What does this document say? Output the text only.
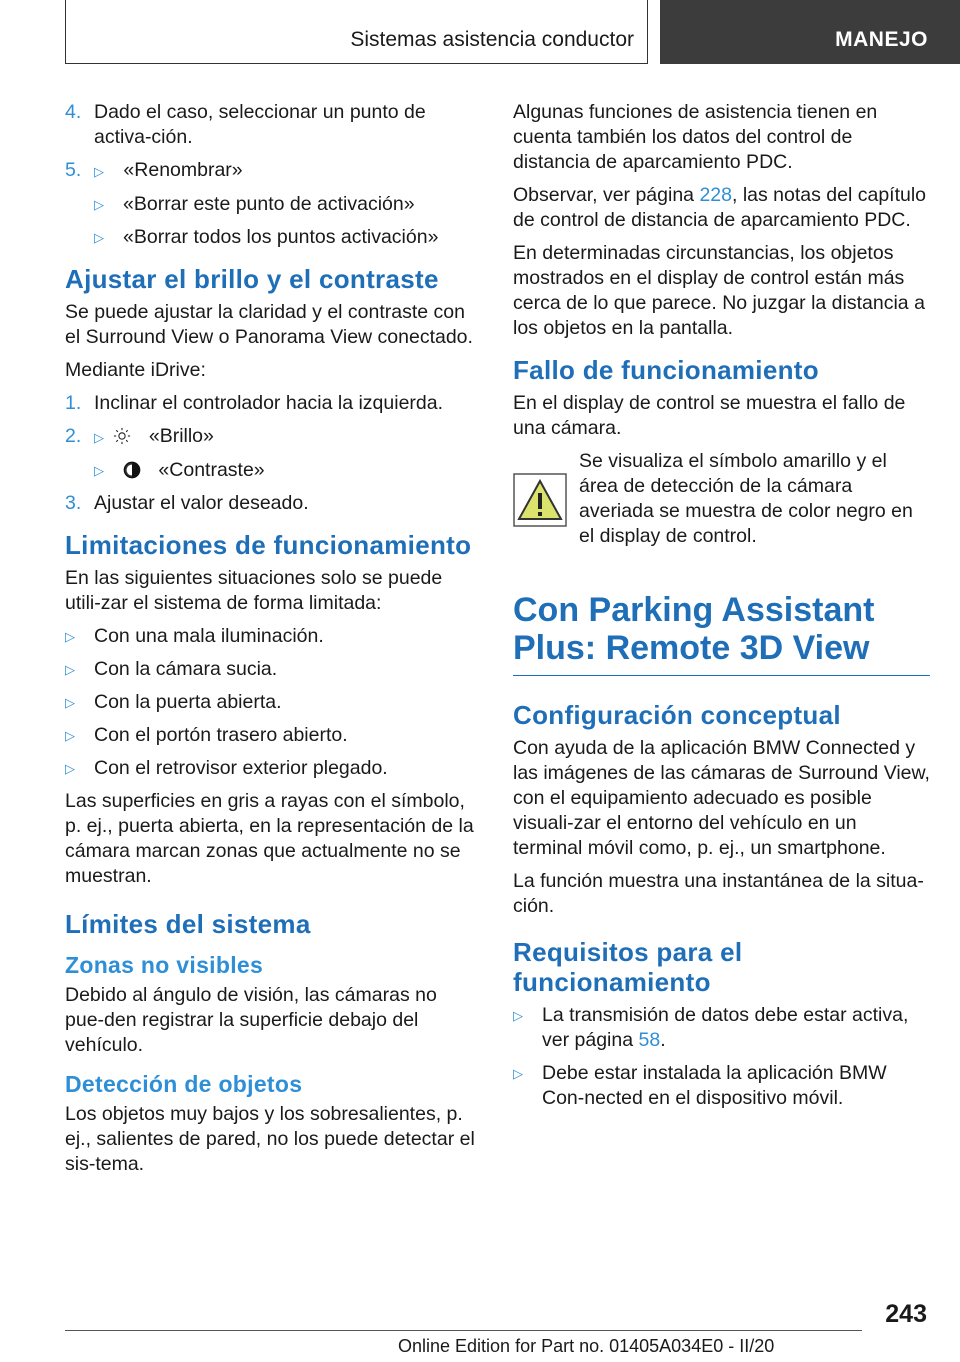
Sistemas asistencia conductor	MANEJO
4. Dado el caso, seleccionar un punto de activa‐ción.
5. ▷ «Renombrar»
▷ «Borrar este punto de activación»
▷ «Borrar todos los puntos activación»
Ajustar el brillo y el contraste

Se puede ajustar la claridad y el contraste con el Surround View o Panorama View conectado.

Mediante iDrive:

1. Inclinar el controlador hacia la izquierda.
2. ▷ «Brillo»
▷	«Contraste»
3. Ajustar el valor deseado.
Limitaciones de funcionamiento

En las siguientes situaciones solo se puede utili‐zar el sistema de forma limitada:

▷ Con una mala iluminación.
▷ Con la cámara sucia.
▷ Con la puerta abierta.
▷ Con el portón trasero abierto.
▷ Con el retrovisor exterior plegado.

Las superficies en gris a rayas con el símbolo, p. ej., puerta abierta, en la representación de la cámara marcan zonas que actualmente no se muestran.

Límites del sistema
Zonas no visibles

Debido al ángulo de visión, las cámaras no pue‐den registrar la superficie debajo del vehículo.

Detección de objetos

Los objetos muy bajos y los sobresalientes, p. ej., salientes de pared, no los puede detectar el sis‐tema.

Algunas funciones de asistencia tienen en cuenta también los datos del control de distancia de aparcamiento PDC.

Observar, ver página 228, las notas del capítulo de control de distancia de aparcamiento PDC.

En determinadas circunstancias, los objetos mostrados en el display de control están más cerca de lo que parece. No juzgar la distancia a los objetos en la pantalla.

Fallo de funcionamiento

En el display de control se muestra el fallo de una cámara.

Se visualiza el símbolo amarillo y el área de detección de la cámara averiada se muestra de color negro en el display de control.
Con Parking Assistant Plus: Remote 3D View
Configuración conceptual

Con ayuda de la aplicación BMW Connected y las imágenes de las cámaras de Surround View, con el equipamiento adecuado es posible visuali‐zar el entorno del vehículo en un terminal móvil como, p. ej., un smartphone.

La función muestra una instantánea de la situa‐ción.

Requisitos para el funcionamiento
▷ La transmisión de datos debe estar activa, ver página 58.
▷ Debe estar instalada la aplicación BMW Con‐nected en el dispositivo móvil.
243
Online Edition for Part no. 01405A034E0 - II/20
